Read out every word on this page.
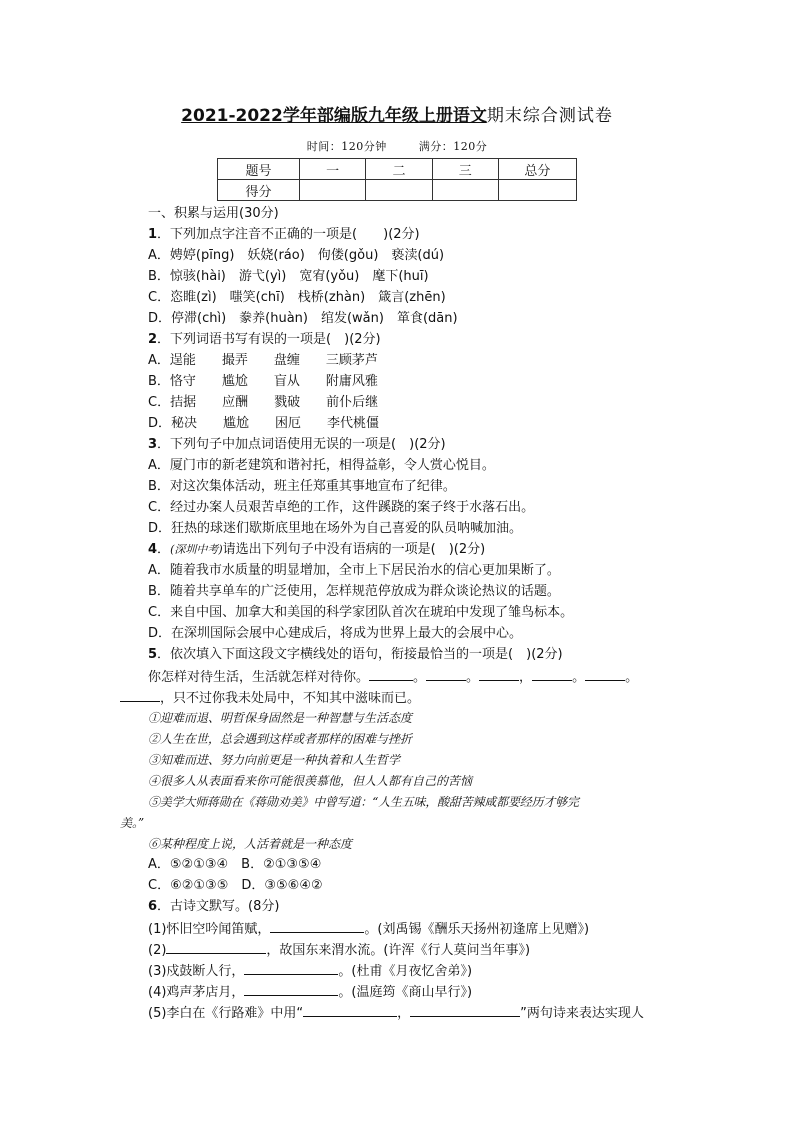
2021-2022学年部编版九年级上册语文期末综合测试卷
时间：120分钟	满分：120分
题号	一	二	三	总分
得分				
一、积累与运用(30分)
1．下列加点字注音不正确的一项是(　　)(2分)
A．娉婷(pīng)　妖娆(ráo)　佝偻(gǒu)　亵渎(dú)
B．惊骇(hài)　游弋(yì)　宽宥(yǒu)　麾下(huī)
C．恣睢(zì)　嗤笑(chī)　栈桥(zhàn)　箴言(zhēn)
D．停滞(chì)　豢养(huàn)　绾发(wǎn)　箪食(dān)
2．下列词语书写有误的一项是(　)(2分)
A．逞能　　撮弄　　盘缠　　三顾茅芦
B．恪守　　尴尬　　盲从　　附庸风雅
C．拮据　　应酬　　戮破　　前仆后继
D．秘决　　尴尬　　困厄　　李代桃僵
3．下列句子中加点词语使用无误的一项是(　)(2分)
A．厦门市的新老建筑和谐衬托，相得益彰，令人赏心悦目。
B．对这次集体活动，班主任郑重其事地宣布了纪律。
C．经过办案人员艰苦卓绝的工作，这件蹊跷的案子终于水落石出。
D．狂热的球迷们歇斯底里地在场外为自己喜爱的队员呐喊加油。
4．(深圳中考)请选出下列句子中没有语病的一项是(　)(2分)
A．随着我市水质量的明显增加，全市上下居民治水的信心更加果断了。
B．随着共享单车的广泛使用，怎样规范停放成为群众谈论热议的话题。
C．来自中国、加拿大和美国的科学家团队首次在琥珀中发现了雏鸟标本。
D．在深圳国际会展中心建成后，将成为世界上最大的会展中心。
5．依次填入下面这段文字横线处的语句，衔接最恰当的一项是(　)(2分)
你怎样对待生活，生活就怎样对待你。	。	。	，	。	。
，只不过你我未处局中，不知其中滋味而已。
①迎难而退、明哲保身固然是一种智慧与生活态度
②人生在世，总会遇到这样或者那样的困难与挫折
③知难而进、努力向前更是一种执着和人生哲学
④很多人从表面看来你可能很羡慕他，但人人都有自己的苦恼
⑤美学大师蒋勋在《蒋勋劝美》中曾写道：“人生五味，酸甜苦辣咸都要经历才够完
美。”
⑥某种程度上说，人活着就是一种态度
A．⑤②①③④　B．②①③⑤④
C．⑥②①③⑤　D．③⑤⑥④②
6．古诗文默写。(8分)
(1)怀旧空吟闻笛赋，	。(刘禹锡《酬乐天扬州初逢席上见赠》)
(2)	，故国东来渭水流。(许浑《行人莫问当年事》)
(3)戍鼓断人行，	。(杜甫《月夜忆舍弟》)
(4)鸡声茅店月，	。(温庭筠《商山早行》)
(5)李白在《行路难》中用“	，	”两句诗来表达实现人
